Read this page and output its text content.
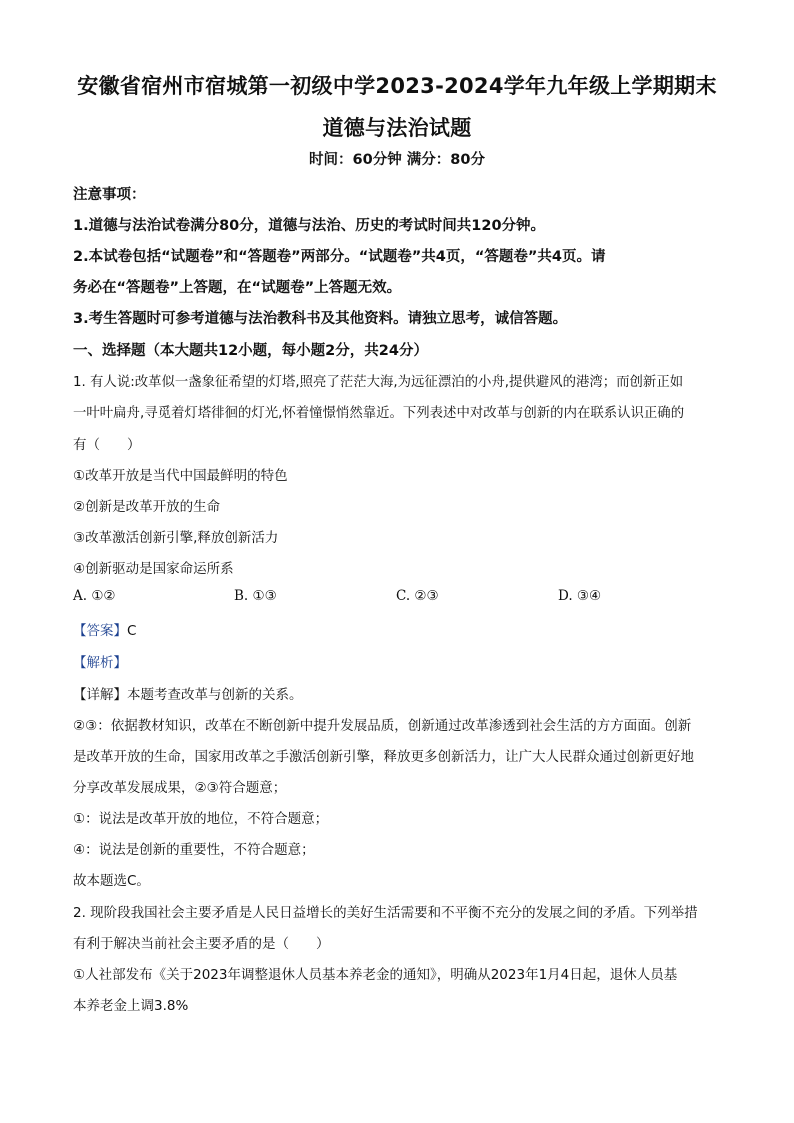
安徽省宿州市宿城第一初级中学2023-2024学年九年级上学期期末
道德与法治试题
时间：60分钟 满分：80分
注意事项：
1.道德与法治试卷满分80分，道德与法治、历史的考试时间共120分钟。
2.本试卷包括“试题卷”和“答题卷”两部分。“试题卷”共4页，“答题卷”共4页。请
务必在“答题卷”上答题，在“试题卷”上答题无效。
3.考生答题时可参考道德与法治教科书及其他资料。请独立思考，诚信答题。
一、选择题（本大题共12小题，每小题2分，共24分）
1. 有人说:改革似一盏象征希望的灯塔,照亮了茫茫大海,为远征漂泊的小舟,提供避风的港湾；而创新正如
一叶叶扁舟,寻觅着灯塔徘徊的灯光,怀着憧憬悄然靠近。下列表述中对改革与创新的内在联系认识正确的
有（　　）
①改革开放是当代中国最鲜明的特色
②创新是改革开放的生命
③改革激活创新引擎,释放创新活力
④创新驱动是国家命运所系
A. ①②	B. ①③	C. ②③	D. ③④
【答案】C
【解析】
【详解】本题考查改革与创新的关系。
②③：依据教材知识，改革在不断创新中提升发展品质，创新通过改革渗透到社会生活的方方面面。创新
是改革开放的生命，国家用改革之手激活创新引擎，释放更多创新活力，让广大人民群众通过创新更好地
分享改革发展成果，②③符合题意；
①：说法是改革开放的地位，不符合题意；
④：说法是创新的重要性，不符合题意；
故本题选C。
2. 现阶段我国社会主要矛盾是人民日益增长的美好生活需要和不平衡不充分的发展之间的矛盾。下列举措
有利于解决当前社会主要矛盾的是（　　）
①人社部发布《关于2023年调整退休人员基本养老金的通知》，明确从2023年1月4日起，退休人员基
本养老金上调3.8%
